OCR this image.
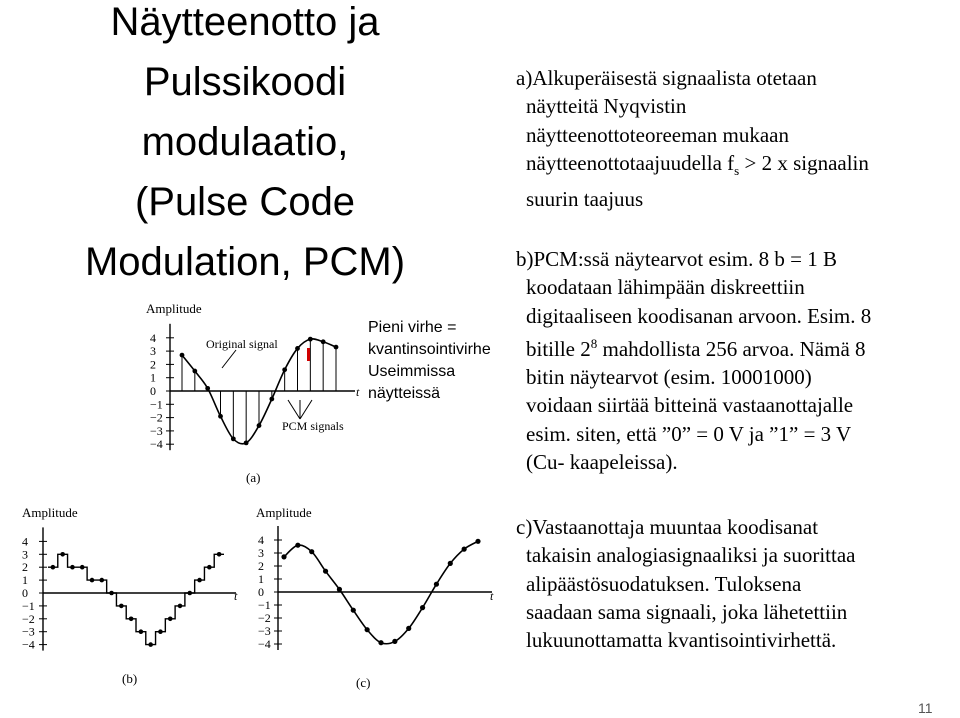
Näytteenotto ja
Pulssikoodi
modulaatio,
(Pulse Code
Modulation, PCM)
a)Alkuperäisestä signaalista otetaan
näytteitä Nyqvistin
näytteenottoteoreeman mukaan
näytteenottotaajuudella $f_s > 2$ x signaalin
suurin taajuus
b)PCM:ssä näytearvot esim. 8 b = 1 B
koodataan lähimpään diskreettiin
digitaaliseen koodisanan arvoon. Esim. 8
bitille $2^8$ mahdollista 256 arvoa. Nämä 8
bitin näytearvot (esim. 10001000)
voidaan siirtää bitteinä vastaanottajalle
esim. siten, että ”0” = 0 V ja ”1” = 3 V
(Cu- kaapeleissa).
c)Vastaanottaja muuntaa koodisanat
takaisin analogiasignaaliksi ja suorittaa
alipäästösuodatuksen. Tuloksena
saadaan sama signaali, joka lähetettiin
lukuunottamatta kvantisointivirhettä.
Pieni virhe =
kvantinsointivirhe
Useimmissa
näytteissä
11
Amplitude
Original signal
PCM signals
t
(a)
4
3
2
1
0
−1
−2
−3
−4
Amplitude
t
(b)
4
3
2
1
0
−1
−2
−3
−4
Amplitude
t
(c)
4
3
2
1
0
−1
−2
−3
−4
